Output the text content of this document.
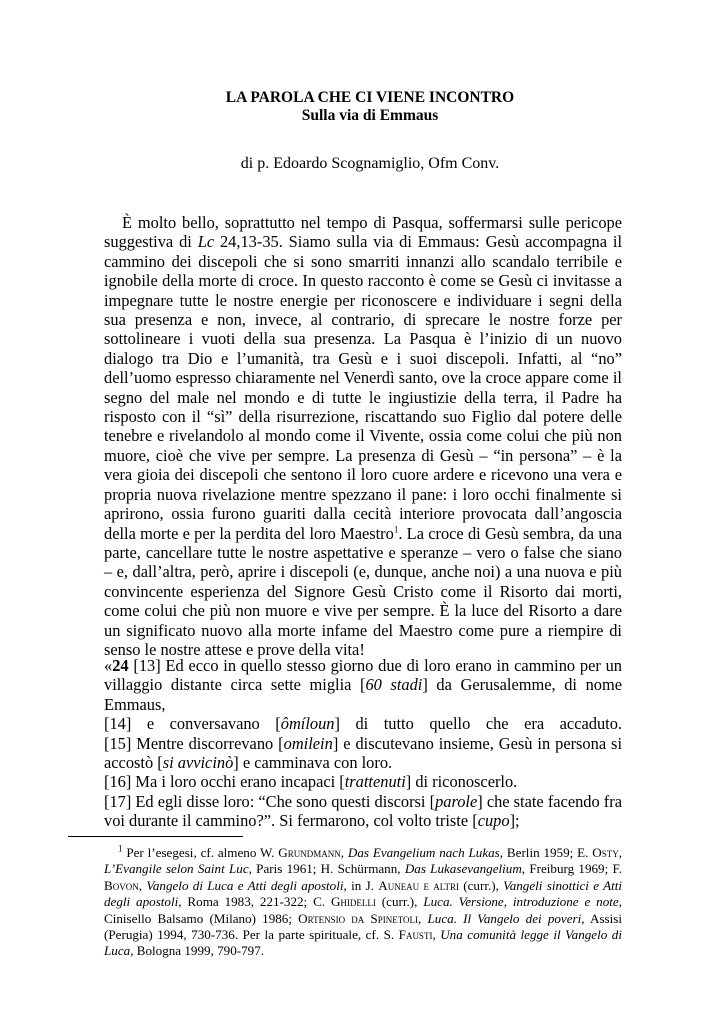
LA PAROLA CHE CI VIENE INCONTRO
Sulla via di Emmaus
di p. Edoardo Scognamiglio, Ofm Conv.
È molto bello, soprattutto nel tempo di Pasqua, soffermarsi sulle pericope suggestiva di Lc 24,13-35. Siamo sulla via di Emmaus: Gesù accompagna il cammino dei discepoli che si sono smarriti innanzi allo scandalo terribile e ignobile della morte di croce. In questo racconto è come se Gesù ci invitasse a impegnare tutte le nostre energie per riconoscere e individuare i segni della sua presenza e non, invece, al contrario, di sprecare le nostre forze per sottolineare i vuoti della sua presenza. La Pasqua è l’inizio di un nuovo dialogo tra Dio e l’umanità, tra Gesù e i suoi discepoli. Infatti, al “no” dell’uomo espresso chiaramente nel Venerdì santo, ove la croce appare come il segno del male nel mondo e di tutte le ingiustizie della terra, il Padre ha risposto con il “sì” della risurrezione, riscattando suo Figlio dal potere delle tenebre e rivelandolo al mondo come il Vivente, ossia come colui che più non muore, cioè che vive per sempre. La presenza di Gesù – “in persona” – è la vera gioia dei discepoli che sentono il loro cuore ardere e ricevono una vera e propria nuova rivelazione mentre spezzano il pane: i loro occhi finalmente si aprirono, ossia furono guariti dalla cecità interiore provocata dall’angoscia della morte e per la perdita del loro Maestro$^1$. La croce di Gesù sembra, da una parte, cancellare tutte le nostre aspettative e speranze – vero o false che siano – e, dall’altra, però, aprire i discepoli (e, dunque, anche noi) a una nuova e più convincente esperienza del Signore Gesù Cristo come il Risorto dai morti, come colui che più non muore e vive per sempre. È la luce del Risorto a dare un significato nuovo alla morte infame del Maestro come pure a riempire di senso le nostre attese e prove della vita!
«24 [13] Ed ecco in quello stesso giorno due di loro erano in cammino per un
villaggio distante circa sette miglia [60 stadi] da Gerusalemme, di nome
Emmaus,
[14] e conversavano [ômíloun] di tutto quello che era accaduto.
[15] Mentre discorrevano [omilein] e discutevano insieme, Gesù in persona si
accostò [si avvicinò] e camminava con loro.
[16] Ma i loro occhi erano incapaci [trattenuti] di riconoscerlo.
[17] Ed egli disse loro: “Che sono questi discorsi [parole] che state facendo fra
voi durante il cammino?”. Si fermarono, col volto triste [cupo];
$^1$ Per l’esegesi, cf. almeno W. Grundmann, Das Evangelium nach Lukas, Berlin 1959; E. Osty, L’Evangile selon Saint Luc, Paris 1961; H. Schürmann, Das Lukasevangelium, Freiburg 1969; F. Bovon, Vangelo di Luca e Atti degli apostoli, in J. Auneau e altri (curr.), Vangeli sinottici e Atti degli apostoli, Roma 1983, 221-322; C. Ghidelli (curr.), Luca. Versione, introduzione e note, Cinisello Balsamo (Milano) 1986; Ortensio da Spinetoli, Luca. Il Vangelo dei poveri, Assisi (Perugia) 1994, 730-736. Per la parte spirituale, cf. S. Fausti, Una comunità legge il Vangelo di Luca, Bologna 1999, 790-797.
